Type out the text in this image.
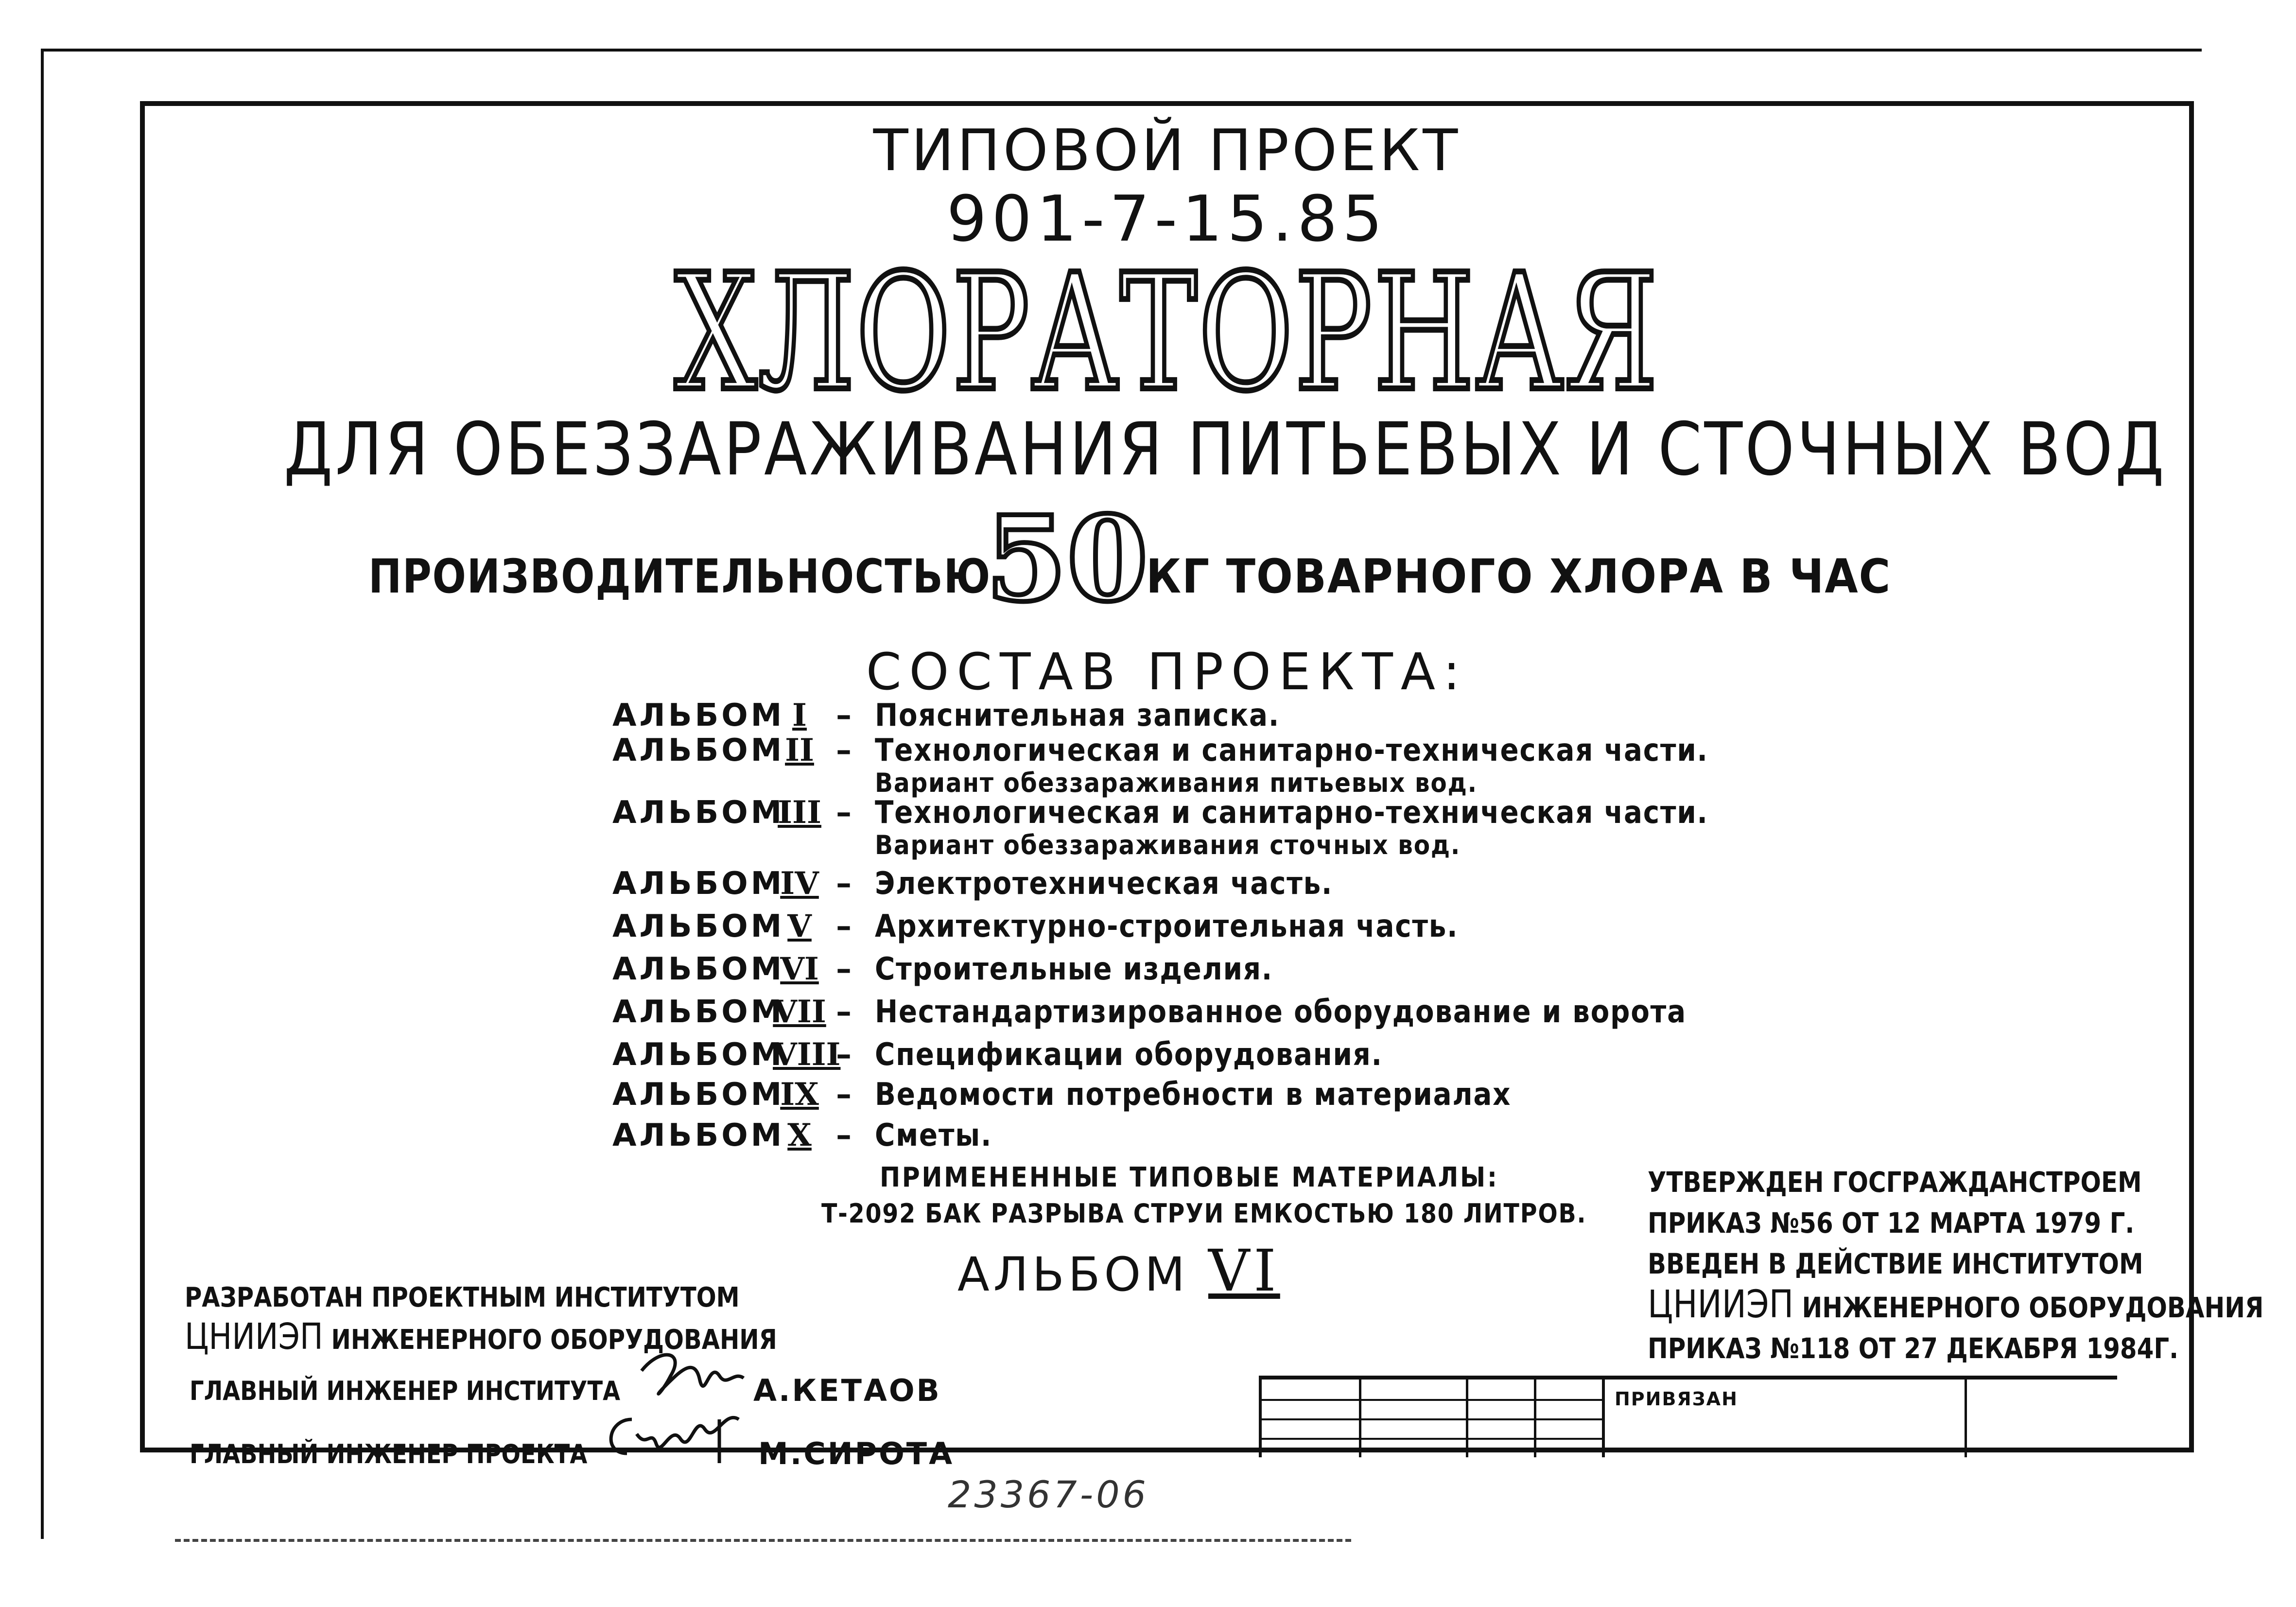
ТИПОВОЙ ПРОЕКТ
901-7-15.85
ХЛОРАТОРНАЯ
ДЛЯ ОБЕЗЗАРАЖИВАНИЯ ПИТЬЕВЫХ И СТОЧНЫХ ВОД
ПРОИЗВОДИТЕЛЬНОСТЬЮ
50
КГ ТОВАРНОГО ХЛОРА В ЧАС
СОСТАВ ПРОЕКТА:
АЛЬБОМ I – Пояснительная записка.
АЛЬБОМ II – Технологическая и санитарно-техническая части.
Вариант обеззараживания питьевых вод.
АЛЬБОМ
III – Технологическая и санитарно-техническая части.
Вариант обеззараживания сточных вод.
АЛЬБОМ
IV – Электротехническая часть.
АЛЬБОМ V – Архитектурно-строительная часть.
АЛЬБОМ
VI – Строительные изделия.
АЛЬБОМ
VII – Нестандартизированное оборудование и ворота
АЛЬБОМ
VIII
– Спецификации оборудования.
АЛЬБОМ
IX – Ведомости потребности в материалах
АЛЬБОМ X – Сметы.
ПРИМЕНЕННЫЕ ТИПОВЫЕ МАТЕРИАЛЫ:
Т-2092 БАК РАЗРЫВА СТРУИ ЕМКОСТЬЮ 180 ЛИТРОВ.
АЛЬБОМ VI
УТВЕРЖДЕН ГОСГРАЖДАНСТРОЕМ
ПРИКАЗ №56 ОТ 12 МАРТА 1979 Г.
ВВЕДЕН В ДЕЙСТВИЕ ИНСТИТУТОМ
ЦНИИЭП ИНЖЕНЕРНОГО ОБОРУДОВАНИЯ
ПРИКАЗ №118 ОТ 27 ДЕКАБРЯ 1984Г.
РАЗРАБОТАН ПРОЕКТНЫМ ИНСТИТУТОМ
ЦНИИЭП ИНЖЕНЕРНОГО ОБОРУДОВАНИЯ
ГЛАВНЫЙ ИНЖЕНЕР ИНСТИТУТА	А.КЕТАОВ
ГЛАВНЫЙ ИНЖЕНЕР ПРОЕКТА	М.СИРОТА
ПРИВЯЗАН
23367-06
